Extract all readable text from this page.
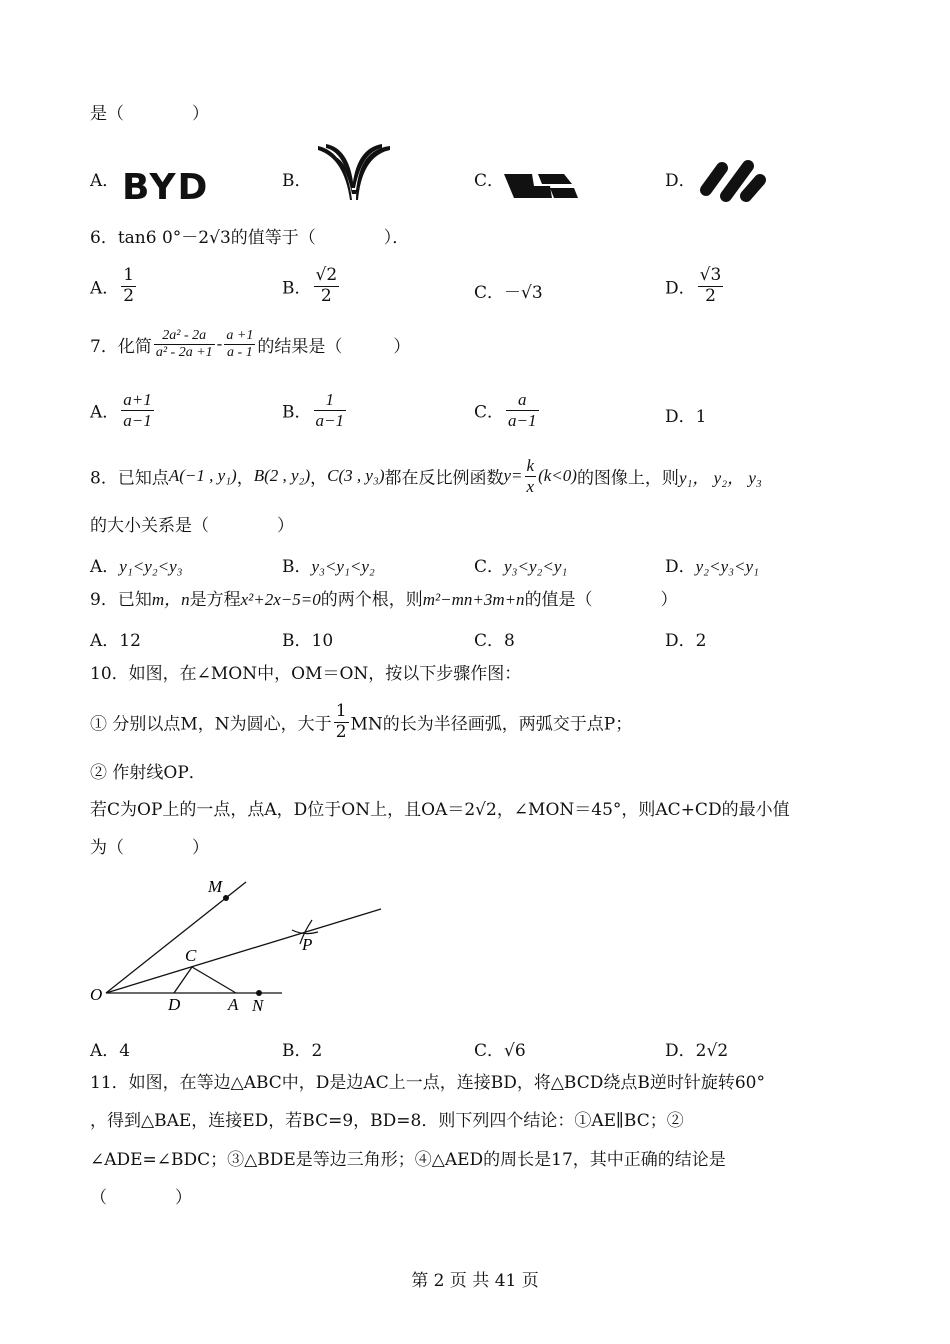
是（　　　　）
A． BYD	B．	C．	D．
6．tan6 0°－2√3的值等于（　　　　）．
A． $\frac{1}{2}$	B． $\frac{√2}{2}$	C．－√3	D． $\frac{√3}{2}$
7．化简 $\frac{\text{2a² - 2a}}{\text{a² - 2a +1}} - \frac{a +1}{a - 1}$ 的结果是（　　　）
A． $\frac{a+1}{a-1}$	B． $\frac{1}{a-1}$	C． $\frac{a}{a-1}$	D．1
8．已知点A(−1 , y₁)，B(2 , y₂)，C(3 , y₃)都在反比例函数$y= \frac{k}{x} (k<0)$的图像上，则y₁， y₂， y₃
的大小关系是（　　　　）
A．y₁<y₂<y₃	B．y₃<y₁<y₂	C．y₃<y₂<y₁	D．y₂<y₃<y₁
9．已知m，n是方程x²+2x−5=0的两个根，则m²−mn+3m+n的值是（　　　　）
A．12	B．10	C．8	D．2
10．如图，在∠MON中，OM＝ON，按以下步骤作图：
① 分别以点M，N为圆心，大于 $\frac{1}{2}$ MN的长为半径画弧，两弧交于点P；
② 作射线OP．
若C为OP上的一点，点A，D位于ON上，且OA＝2√2，∠MON＝45°，则AC+CD的最小值
为（　　　　）
M
P
C
O
D	A N
A．4	B．2	C．√6	D．2√2
11．如图，在等边△ABC中，D是边AC上一点，连接BD，将△BCD绕点B逆时针旋转60°
，得到△BAE，连接ED，若BC=9，BD=8．则下列四个结论：①AE∥BC；②
∠ADE=∠BDC；③△BDE是等边三角形；④△AED的周长是17，其中正确的结论是
（　　　　）
第 2 页 共 41 页
